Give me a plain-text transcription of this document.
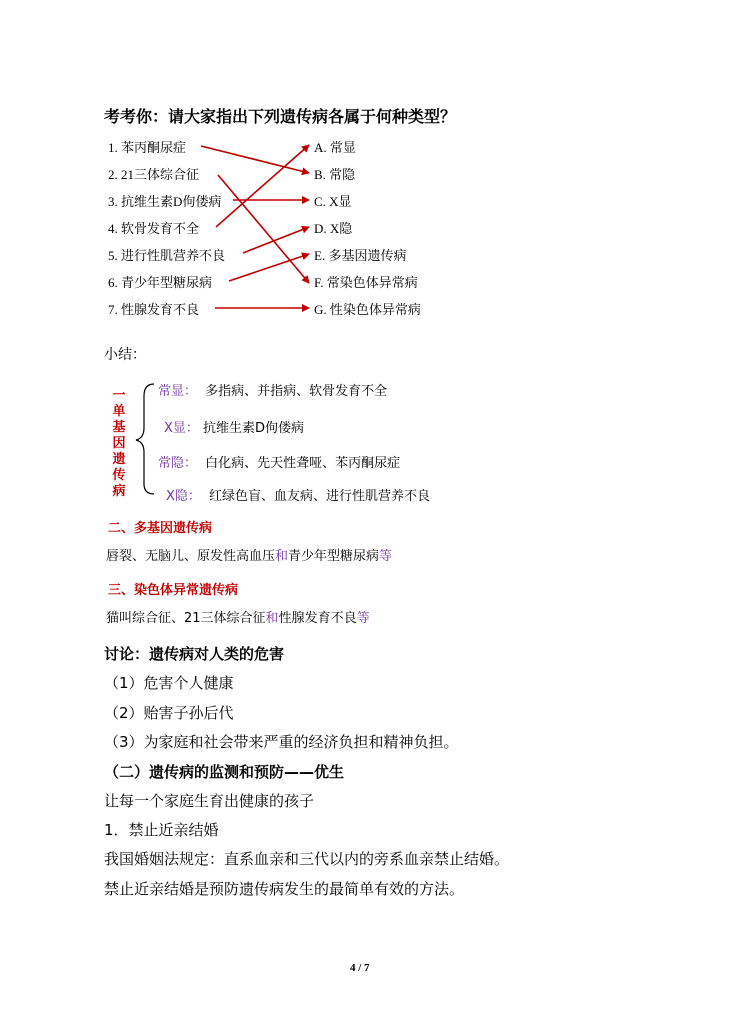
考考你：请大家指出下列遗传病各属于何种类型？
1. 苯丙酮尿症
2. 21三体综合征
3. 抗维生素D佝偻病
4. 软骨发育不全
5. 进行性肌营养不良
6. 青少年型糖尿病
7. 性腺发育不良
A. 常显
B. 常隐
C. X显
D. X隐
E. 多基因遗传病
F. 常染色体异常病
G. 性染色体异常病
小结：
一单基因遗传病
常显： 多指病、并指病、软骨发育不全
X显： 抗维生素D佝偻病
常隐： 白化病、先天性聋哑、苯丙酮尿症
X隐： 红绿色盲、血友病、进行性肌营养不良
二、多基因遗传病
唇裂、无脑儿、原发性高血压和青少年型糖尿病等
三、染色体异常遗传病
猫叫综合征、21三体综合征和性腺发育不良等
讨论：遗传病对人类的危害
（1）危害个人健康
（2）贻害子孙后代
（3）为家庭和社会带来严重的经济负担和精神负担。
（二）遗传病的监测和预防——优生
让每一个家庭生育出健康的孩子
1．禁止近亲结婚
我国婚姻法规定：直系血亲和三代以内的旁系血亲禁止结婚。
禁止近亲结婚是预防遗传病发生的最简单有效的方法。
4 / 7
